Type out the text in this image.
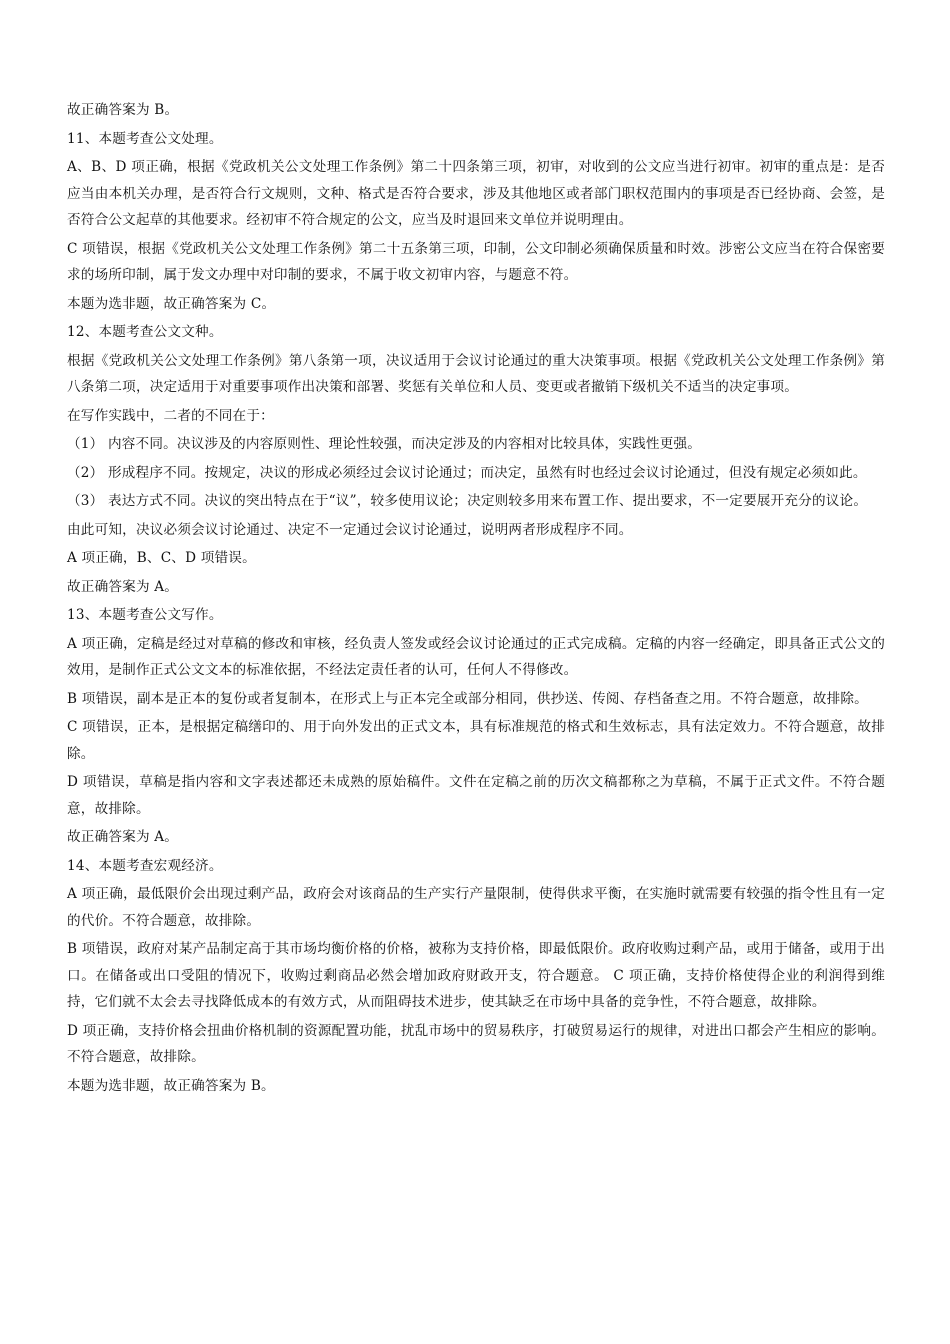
故正确答案为 B。

11、本题考查公文处理。

A、B、D 项正确，根据《党政机关公文处理工作条例》第二十四条第三项，初审，对收到的公文应当进行初审。初审的重点是：是否应当由本机关办理，是否符合行文规则，文种、格式是否符合要求，涉及其他地区或者部门职权范围内的事项是否已经协商、会签，是否符合公文起草的其他要求。经初审不符合规定的公文，应当及时退回来文单位并说明理由。

C 项错误，根据《党政机关公文处理工作条例》第二十五条第三项，印制，公文印制必须确保质量和时效。涉密公文应当在符合保密要求的场所印制，属于发文办理中对印制的要求，不属于收文初审内容，与题意不符。

本题为选非题，故正确答案为 C。

12、本题考查公文文种。

根据《党政机关公文处理工作条例》第八条第一项，决议适用于会议讨论通过的重大决策事项。根据《党政机关公文处理工作条例》第八条第二项，决定适用于对重要事项作出决策和部署、奖惩有关单位和人员、变更或者撤销下级机关不适当的决定事项。

在写作实践中，二者的不同在于：

（1） 内容不同。决议涉及的内容原则性、理论性较强，而决定涉及的内容相对比较具体，实践性更强。

（2） 形成程序不同。按规定，决议的形成必须经过会议讨论通过；而决定，虽然有时也经过会议讨论通过，但没有规定必须如此。

（3） 表达方式不同。决议的突出特点在于“议”，较多使用议论；决定则较多用来布置工作、提出要求，不一定要展开充分的议论。

由此可知，决议必须会议讨论通过、决定不一定通过会议讨论通过，说明两者形成程序不同。

A 项正确，B、C、D 项错误。

故正确答案为 A。

13、本题考查公文写作。

A 项正确，定稿是经过对草稿的修改和审核，经负责人签发或经会议讨论通过的正式完成稿。定稿的内容一经确定，即具备正式公文的效用，是制作正式公文文本的标准依据，不经法定责任者的认可，任何人不得修改。

B 项错误，副本是正本的复份或者复制本，在形式上与正本完全或部分相同，供抄送、传阅、存档备查之用。不符合题意，故排除。

C 项错误，正本，是根据定稿缮印的、用于向外发出的正式文本，具有标准规范的格式和生效标志，具有法定效力。不符合题意，故排除。

D 项错误，草稿是指内容和文字表述都还未成熟的原始稿件。文件在定稿之前的历次文稿都称之为草稿，不属于正式文件。不符合题意，故排除。

故正确答案为 A。

14、本题考查宏观经济。

A 项正确，最低限价会出现过剩产品，政府会对该商品的生产实行产量限制，使得供求平衡，在实施时就需要有较强的指令性且有一定的代价。不符合题意，故排除。

B 项错误，政府对某产品制定高于其市场均衡价格的价格，被称为支持价格，即最低限价。政府收购过剩产品，或用于储备，或用于出口。在储备或出口受阻的情况下，收购过剩商品必然会增加政府财政开支，符合题意。 C 项正确，支持价格使得企业的利润得到维持，它们就不太会去寻找降低成本的有效方式，从而阻碍技术进步，使其缺乏在市场中具备的竞争性，不符合题意，故排除。

D 项正确，支持价格会扭曲价格机制的资源配置功能，扰乱市场中的贸易秩序，打破贸易运行的规律，对进出口都会产生相应的影响。不符合题意，故排除。

本题为选非题，故正确答案为 B。
